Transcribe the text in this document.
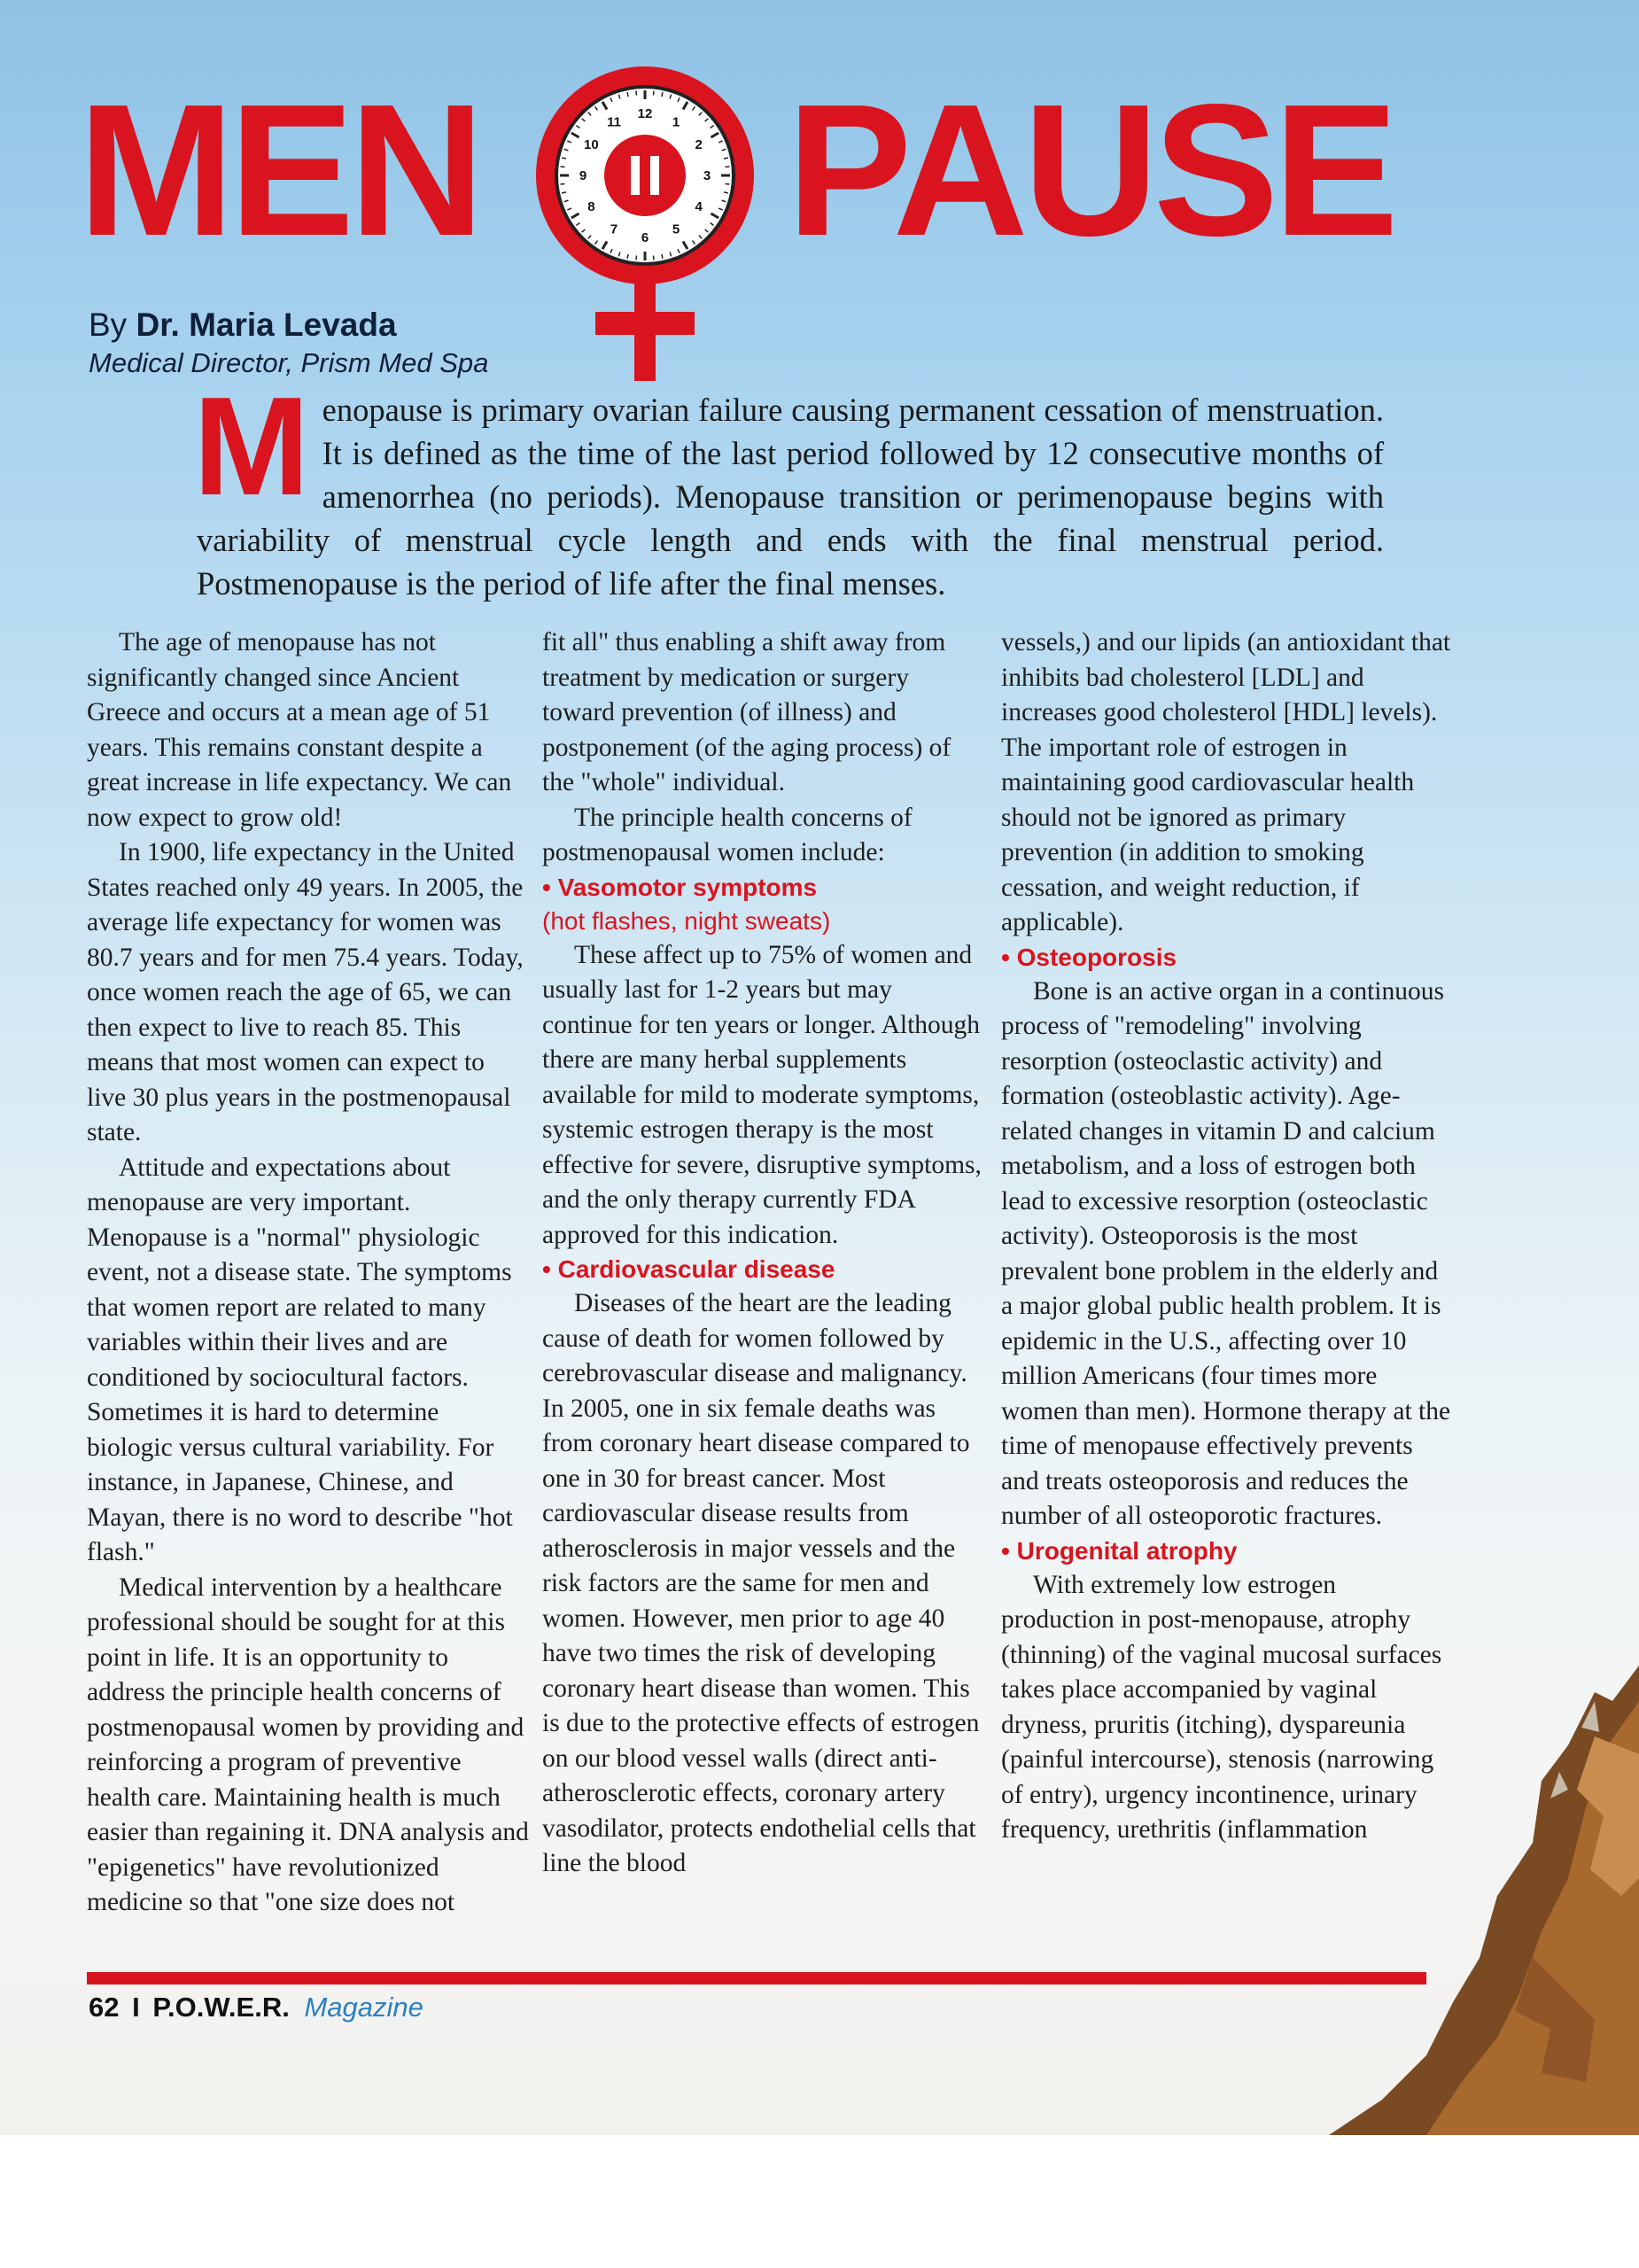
MEN	12
1
2
3
4
5
6
7
8
9
10
11 PAUSE
By Dr. Maria Levada
Medical Director, Prism Med Spa
Menopause is primary ovarian failure causing permanent cessation of menstruation. It is defined as the time of the last period followed by 12 consecutive months of amenorrhea (no periods). Menopause transition or perimenopause begins with variability of menstrual cycle length and ends with the final menstrual period. Postmenopause is the period of life after the final menses.

The age of menopause has not significantly changed since Ancient Greece and occurs at a mean age of 51 years. This remains constant despite a great increase in life expectancy. We can now expect to grow old!

In 1900, life expectancy in the United States reached only 49 years. In 2005, the average life expectancy for women was 80.7 years and for men 75.4 years. Today, once women reach the age of 65, we can then expect to live to reach 85. This means that most women can expect to live 30 plus years in the postmenopausal state.

Attitude and expectations about menopause are very important. Menopause is a "normal" physiologic event, not a disease state. The symptoms that women report are related to many variables within their lives and are conditioned by sociocultural factors. Sometimes it is hard to determine biologic versus cultural variability. For instance, in Japanese, Chinese, and Mayan, there is no word to describe "hot flash."

Medical intervention by a healthcare professional should be sought for at this point in life. It is an opportunity to address the principle health concerns of postmenopausal women by providing and reinforcing a program of preventive health care. Maintaining health is much easier than regaining it. DNA analysis and "epigenetics" have revolutionized medicine so that "one size does not

fit all" thus enabling a shift away from treatment by medication or surgery toward prevention (of illness) and postponement (of the aging process) of the "whole" individual.

The principle health concerns of postmenopausal women include:

• Vasomotor symptoms
(hot flashes, night sweats)

These affect up to 75% of women and usually last for 1-2 years but may continue for ten years or longer. Although there are many herbal supplements available for mild to moderate symptoms, systemic estrogen therapy is the most effective for severe, disruptive symptoms, and the only therapy currently FDA approved for this indication.

• Cardiovascular disease

Diseases of the heart are the leading cause of death for women followed by cerebrovascular disease and malignancy. In 2005, one in six female deaths was from coronary heart disease compared to one in 30 for breast cancer. Most cardiovascular disease results from atherosclerosis in major vessels and the risk factors are the same for men and women. However, men prior to age 40 have two times the risk of developing coronary heart disease than women. This is due to the protective effects of estrogen on our blood vessel walls (direct anti-atherosclerotic effects, coronary artery vasodilator, protects endothelial cells that line the blood

vessels,) and our lipids (an antioxidant that inhibits bad cholesterol [LDL] and increases good cholesterol [HDL] levels). The important role of estrogen in maintaining good cardiovascular health should not be ignored as primary prevention (in addition to smoking cessation, and weight reduction, if applicable).

• Osteoporosis

Bone is an active organ in a continuous process of "remodeling" involving resorption (osteoclastic activity) and formation (osteoblastic activity). Age-related changes in vitamin D and calcium metabolism, and a loss of estrogen both lead to excessive resorption (osteoclastic activity). Osteoporosis is the most prevalent bone problem in the elderly and a major global public health problem. It is epidemic in the U.S., affecting over 10 million Americans (four times more women than men). Hormone therapy at the time of menopause effectively prevents and treats osteoporosis and reduces the number of all osteoporotic fractures.

• Urogenital atrophy

With extremely low estrogen production in post-menopause, atrophy (thinning) of the vaginal mucosal surfaces takes place accompanied by vaginal dryness, pruritis (itching), dyspareunia (painful intercourse), stenosis (narrowing of entry), urgency incontinence, urinary frequency, urethritis (inflammation

62 I P.O.W.E.R. Magazine
